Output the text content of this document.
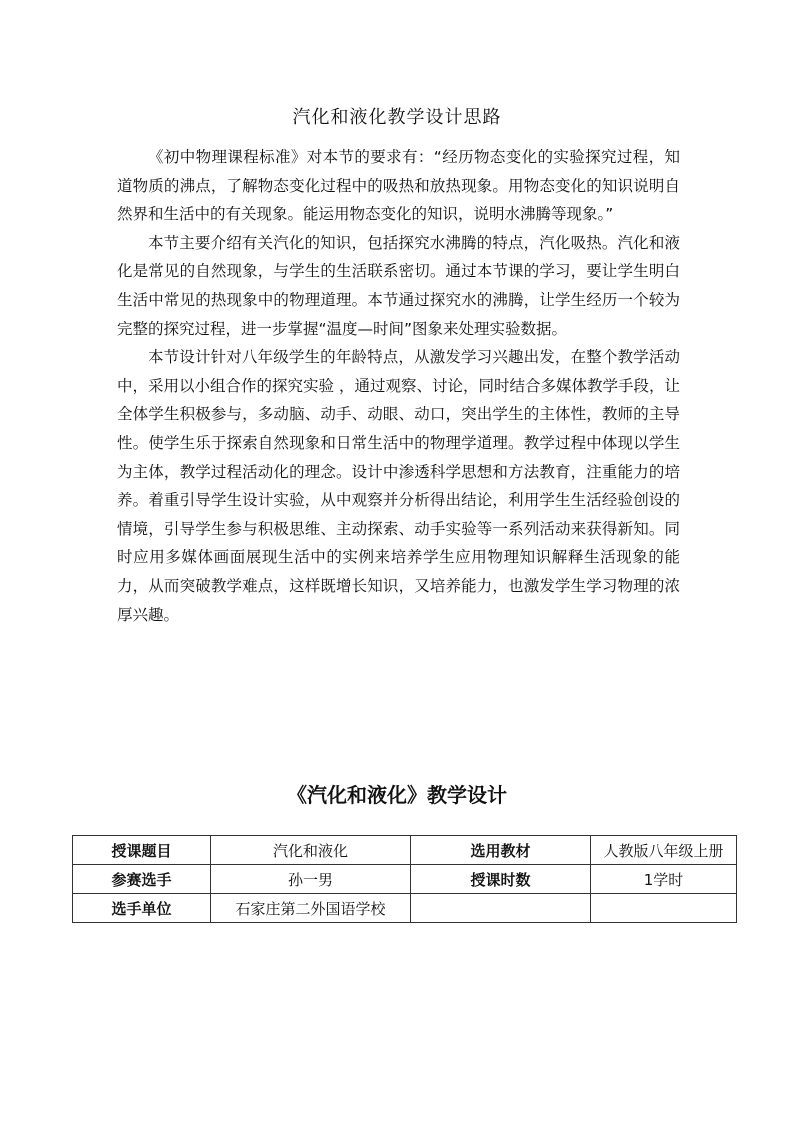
汽化和液化教学设计思路

《初中物理课程标准》对本节的要求有：“经历物态变化的实验探究过程，知道物质的沸点，了解物态变化过程中的吸热和放热现象。用物态变化的知识说明自然界和生活中的有关现象。能运用物态变化的知识，说明水沸腾等现象。”

本节主要介绍有关汽化的知识，包括探究水沸腾的特点，汽化吸热。汽化和液化是常见的自然现象，与学生的生活联系密切。通过本节课的学习，要让学生明白生活中常见的热现象中的物理道理。本节通过探究水的沸腾，让学生经历一个较为完整的探究过程，进一步掌握“温度—时间”图象来处理实验数据。

本节设计针对八年级学生的年龄特点，从激发学习兴趣出发，在整个教学活动中，采用以小组合作的探究实验 ，通过观察、讨论，同时结合多媒体教学手段，让全体学生积极参与，多动脑、动手、动眼、动口，突出学生的主体性，教师的主导性。使学生乐于探索自然现象和日常生活中的物理学道理。教学过程中体现以学生为主体，教学过程活动化的理念。设计中渗透科学思想和方法教育，注重能力的培养。着重引导学生设计实验，从中观察并分析得出结论，利用学生生活经验创设的情境，引导学生参与积极思维、主动探索、动手实验等一系列活动来获得新知。同时应用多媒体画面展现生活中的实例来培养学生应用物理知识解释生活现象的能力，从而突破教学难点，这样既增长知识，又培养能力，也激发学生学习物理的浓厚兴趣。

《汽化和液化》教学设计
授课题目	汽化和液化	选用教材	人教版八年级上册
参赛选手	孙一男	授课时数	1学时
选手单位	石家庄第二外国语学校		
